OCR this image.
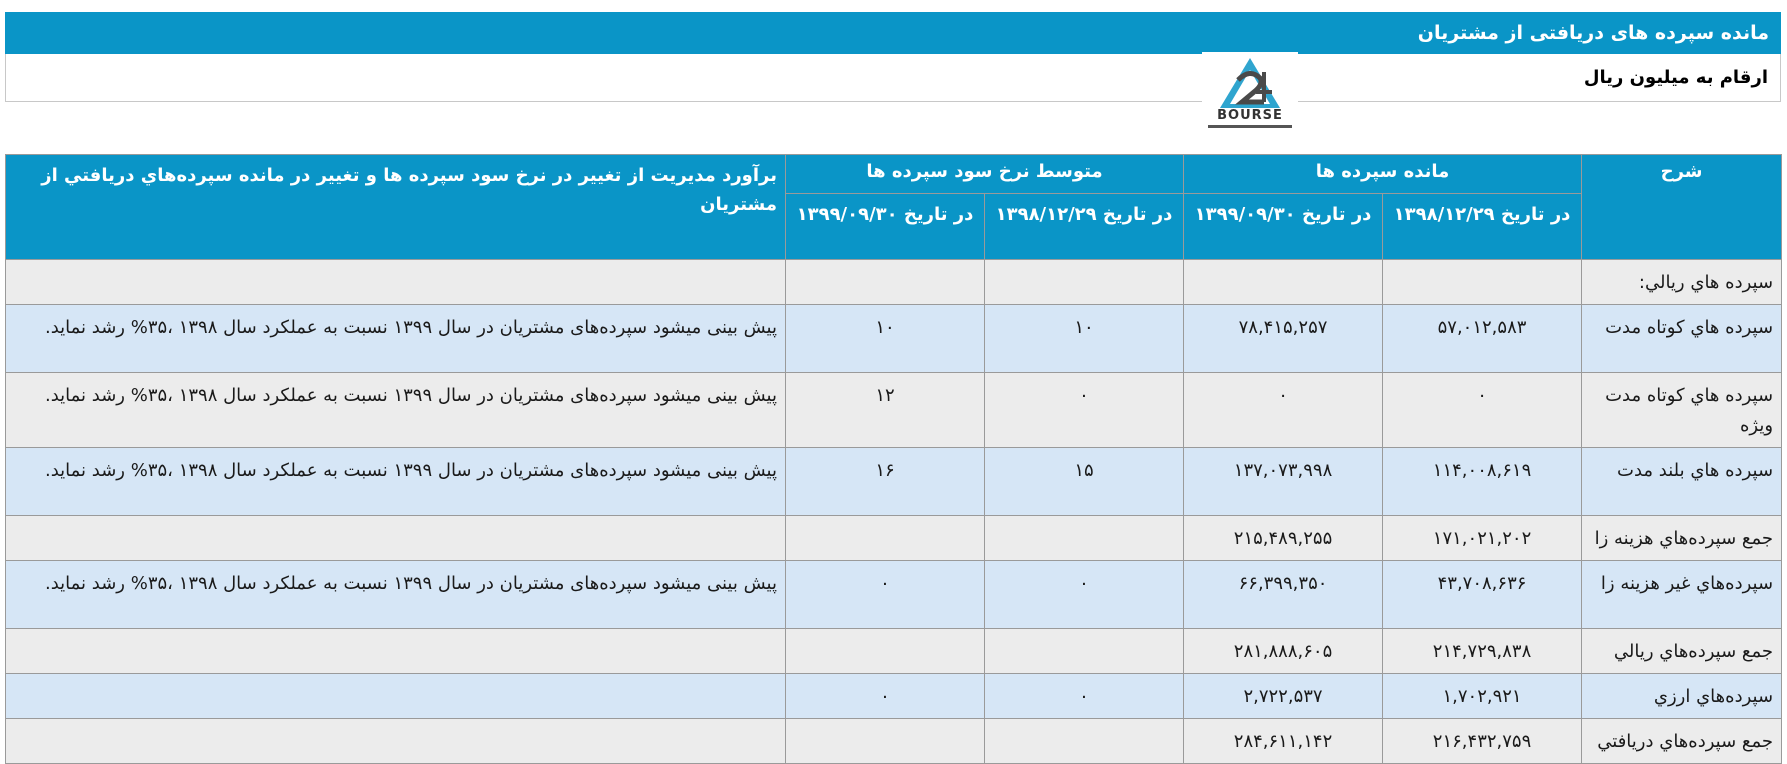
مانده سپرده های دریافتی از مشتریان
ارقام به میلیون ریال
BOURSE
شرح	مانده سپرده ها		متوسط نرخ سود سپرده ها		برآورد مدیریت از تغییر در نرخ سود سپرده ها و تغییر در مانده سپرده‌هاي دريافتي از مشتریان
	در تاریخ ۱۳۹۸/۱۲/۲۹	در تاریخ ۱۳۹۹/۰۹/۳۰	در تاریخ ۱۳۹۸/۱۲/۲۹	در تاریخ ۱۳۹۹/۰۹/۳۰	
سپرده هاي ريالي:					
سپرده هاي كوتاه مدت	۵۷,۰۱۲,۵۸۳	۷۸,۴۱۵,۲۵۷	۱۰	۱۰	پیش بینی میشود سپرده‌های مشتریان در سال ۱۳۹۹ نسبت به عملکرد سال ۱۳۹۸ ،۳۵% رشد نماید.
سپرده هاي كوتاه مدت ويژه	۰	۰	۰	۱۲	پیش بینی میشود سپرده‌های مشتریان در سال ۱۳۹۹ نسبت به عملکرد سال ۱۳۹۸ ،۳۵% رشد نماید.
سپرده هاي بلند مدت	۱۱۴,۰۰۸,۶۱۹	۱۳۷,۰۷۳,۹۹۸	۱۵	۱۶	پیش بینی میشود سپرده‌های مشتریان در سال ۱۳۹۹ نسبت به عملکرد سال ۱۳۹۸ ،۳۵% رشد نماید.
جمع سپرده‌هاي هزينه زا	۱۷۱,۰۲۱,۲۰۲	۲۱۵,۴۸۹,۲۵۵			
سپرده‌هاي غير هزينه زا	۴۳,۷۰۸,۶۳۶	۶۶,۳۹۹,۳۵۰	۰	۰	پیش بینی میشود سپرده‌های مشتریان در سال ۱۳۹۹ نسبت به عملکرد سال ۱۳۹۸ ،۳۵% رشد نماید.
جمع سپرده‌هاي ريالي	۲۱۴,۷۲۹,۸۳۸	۲۸۱,۸۸۸,۶۰۵			
سپرده‌هاي ارزي	۱,۷۰۲,۹۲۱	۲,۷۲۲,۵۳۷	۰	۰	
جمع سپرده‌هاي دريافتي	۲۱۶,۴۳۲,۷۵۹	۲۸۴,۶۱۱,۱۴۲			
